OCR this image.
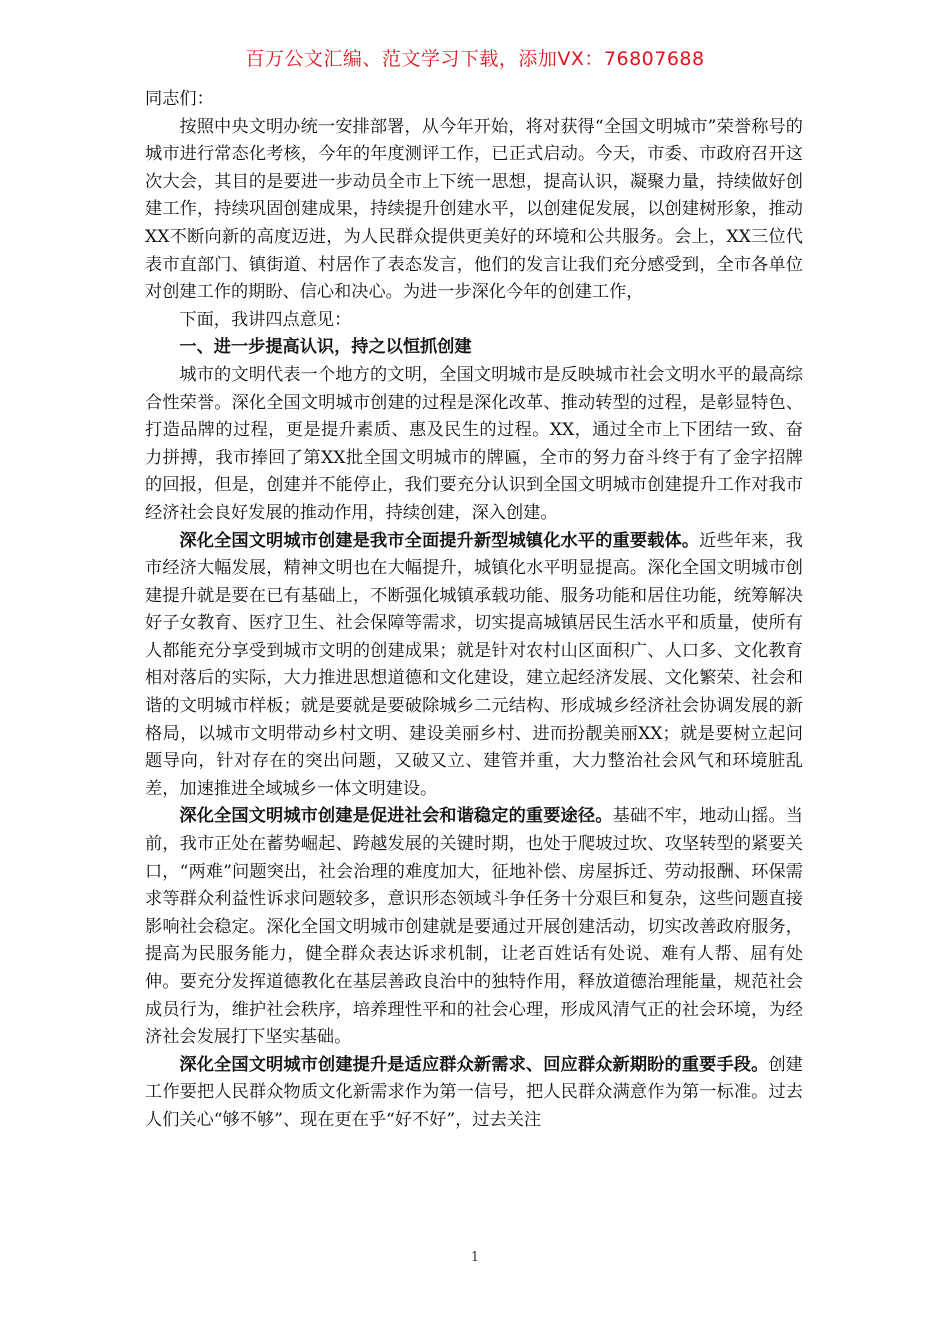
百万公文汇编、范文学习下载，添加VX：76807688

同志们：

按照中央文明办统一安排部署，从今年开始，将对获得“全国文明城市”荣誉称号的城市进行常态化考核，今年的年度测评工作，已正式启动。今天，市委、市政府召开这次大会，其目的是要进一步动员全市上下统一思想，提高认识，凝聚力量，持续做好创建工作，持续巩固创建成果，持续提升创建水平，以创建促发展，以创建树形象，推动XX不断向新的高度迈进，为人民群众提供更美好的环境和公共服务。会上，XX三位代表市直部门、镇街道、村居作了表态发言，他们的发言让我们充分感受到，全市各单位对创建工作的期盼、信心和决心。为进一步深化今年的创建工作，

下面，我讲四点意见：

一、进一步提高认识，持之以恒抓创建

城市的文明代表一个地方的文明，全国文明城市是反映城市社会文明水平的最高综合性荣誉。深化全国文明城市创建的过程是深化改革、推动转型的过程，是彰显特色、打造品牌的过程，更是提升素质、惠及民生的过程。XX，通过全市上下团结一致、奋力拼搏，我市捧回了第XX批全国文明城市的牌匾，全市的努力奋斗终于有了金字招牌的回报，但是，创建并不能停止，我们要充分认识到全国文明城市创建提升工作对我市经济社会良好发展的推动作用，持续创建，深入创建。

深化全国文明城市创建是我市全面提升新型城镇化水平的重要载体。近些年来，我市经济大幅发展，精神文明也在大幅提升，城镇化水平明显提高。深化全国文明城市创建提升就是要在已有基础上，不断强化城镇承载功能、服务功能和居住功能，统筹解决好子女教育、医疗卫生、社会保障等需求，切实提高城镇居民生活水平和质量，使所有人都能充分享受到城市文明的创建成果；就是针对农村山区面积广、人口多、文化教育相对落后的实际，大力推进思想道德和文化建设，建立起经济发展、文化繁荣、社会和谐的文明城市样板；就是要就是要破除城乡二元结构、形成城乡经济社会协调发展的新格局，以城市文明带动乡村文明、建设美丽乡村、进而扮靓美丽XX；就是要树立起问题导向，针对存在的突出问题，又破又立、建管并重，大力整治社会风气和环境脏乱差，加速推进全域城乡一体文明建设。

深化全国文明城市创建是促进社会和谐稳定的重要途径。基础不牢，地动山摇。当前，我市正处在蓄势崛起、跨越发展的关键时期，也处于爬坡过坎、攻坚转型的紧要关口，“两难”问题突出，社会治理的难度加大，征地补偿、房屋拆迁、劳动报酬、环保需求等群众利益性诉求问题较多，意识形态领域斗争任务十分艰巨和复杂，这些问题直接影响社会稳定。深化全国文明城市创建就是要通过开展创建活动，切实改善政府服务，提高为民服务能力，健全群众表达诉求机制，让老百姓话有处说、难有人帮、屈有处伸。要充分发挥道德教化在基层善政良治中的独特作用，释放道德治理能量，规范社会成员行为，维护社会秩序，培养理性平和的社会心理，形成风清气正的社会环境，为经济社会发展打下坚实基础。

深化全国文明城市创建提升是适应群众新需求、回应群众新期盼的重要手段。创建工作要把人民群众物质文化新需求作为第一信号，把人民群众满意作为第一标准。过去人们关心“够不够”、现在更在乎“好不好”，过去关注

1
